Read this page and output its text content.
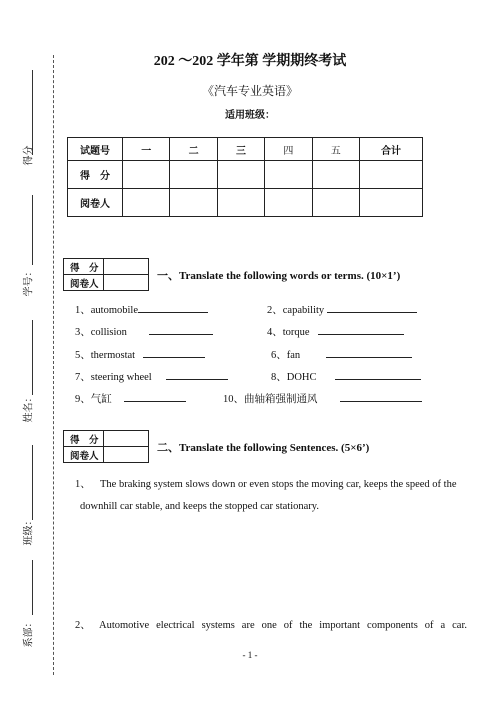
得分
学号：
姓名：
班级：
系部：
202 ～202 学年第 学期期终考试
《汽车专业英语》
适用班级：
试题号	一	二	三	四	五	合计
得　分						
阅卷人						
得　分	
阅卷人	
一、Translate the following words or terms. (10×1’)
1、automobile	2、capability
3、collision	4、torque
5、thermostat	6、fan
7、steering wheel	8、DOHC
9、气缸	10、曲轴箱强制通风
得　分	
阅卷人	
二、Translate the following Sentences. (5×6’)
1、 The braking system slows down or even stops the moving car, keeps the speed of the downhill car stable, and keeps the stopped car stationary.
2、 Automotive electrical systems are one of the important components of a car.
- 1 -
